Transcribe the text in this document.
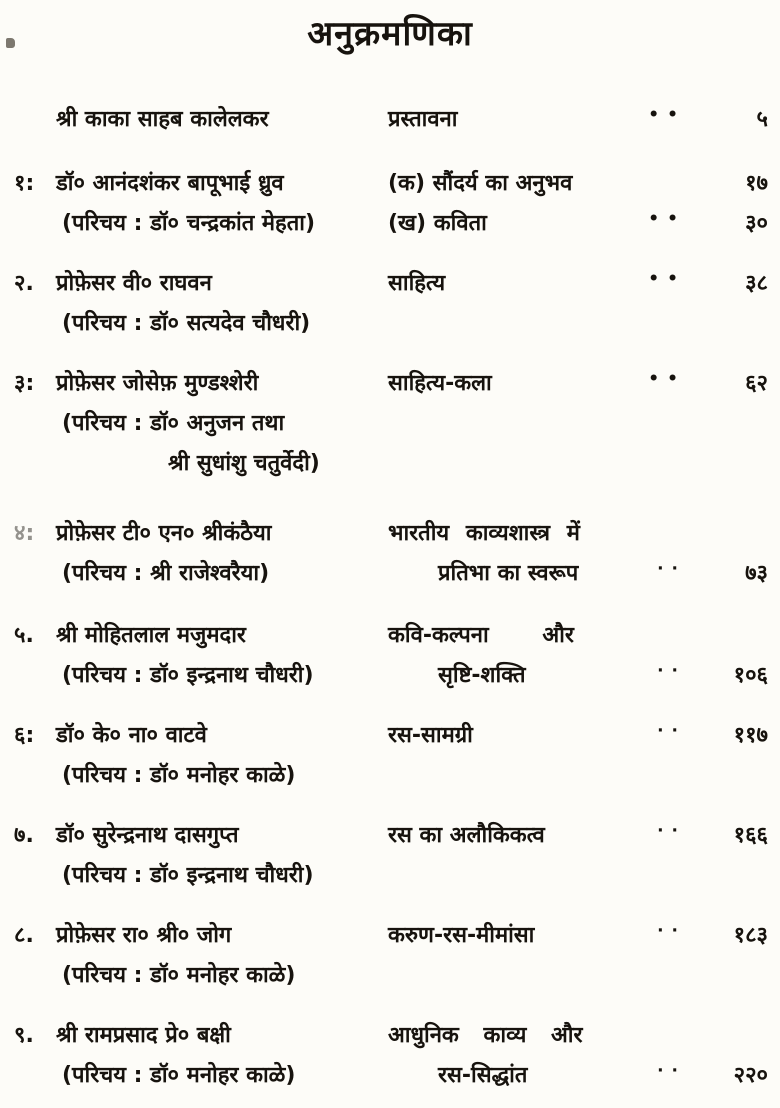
अनुक्रमणिका
श्री काका साहब कालेलकर	प्रस्तावना	••	५
१: डॉ० आनंदशंकर बापूभाई ध्रुव	(क) सौंदर्य का अनुभव	१७
(परिचय : डॉ० चन्द्रकांत मेहता)	(ख) कविता	••	३०
२.	प्रोफ़ेसर वी० राघवन	साहित्य	••	३८
(परिचय : डॉ० सत्यदेव चौधरी)
३: प्रोफ़ेसर जोसेफ़ मुण्डश्शेरी	साहित्य-कला	••	६२
(परिचय : डॉ० अनुजन तथा
श्री सुधांशु चतुर्वेदी)
४: प्रोफ़ेसर टी० एन० श्रीकंठैया	भारतीय काव्यशास्त्र में
(परिचय : श्री राजेश्वरैया)	प्रतिभा का स्वरूप	··	७३
५.	श्री मोहितलाल मजुमदार	कवि-कल्पना और
(परिचय : डॉ० इन्द्रनाथ चौधरी)	सृष्टि-शक्ति	··	१०६
६: डॉ० के० ना० वाटवे	रस-सामग्री	··	११७
(परिचय : डॉ० मनोहर काळे)
७.	डॉ० सुरेन्द्रनाथ दासगुप्त	रस का अलौकिकत्व	··	१६६
(परिचय : डॉ० इन्द्रनाथ चौधरी)
८.	प्रोफ़ेसर रा० श्री० जोग	करुण-रस-मीमांसा	··	१८३
(परिचय : डॉ० मनोहर काळे)
९.	श्री रामप्रसाद प्रे० बक्षी	आधुनिक काव्य और
(परिचय : डॉ० मनोहर काळे)	रस-सिद्धांत	··	२२०
